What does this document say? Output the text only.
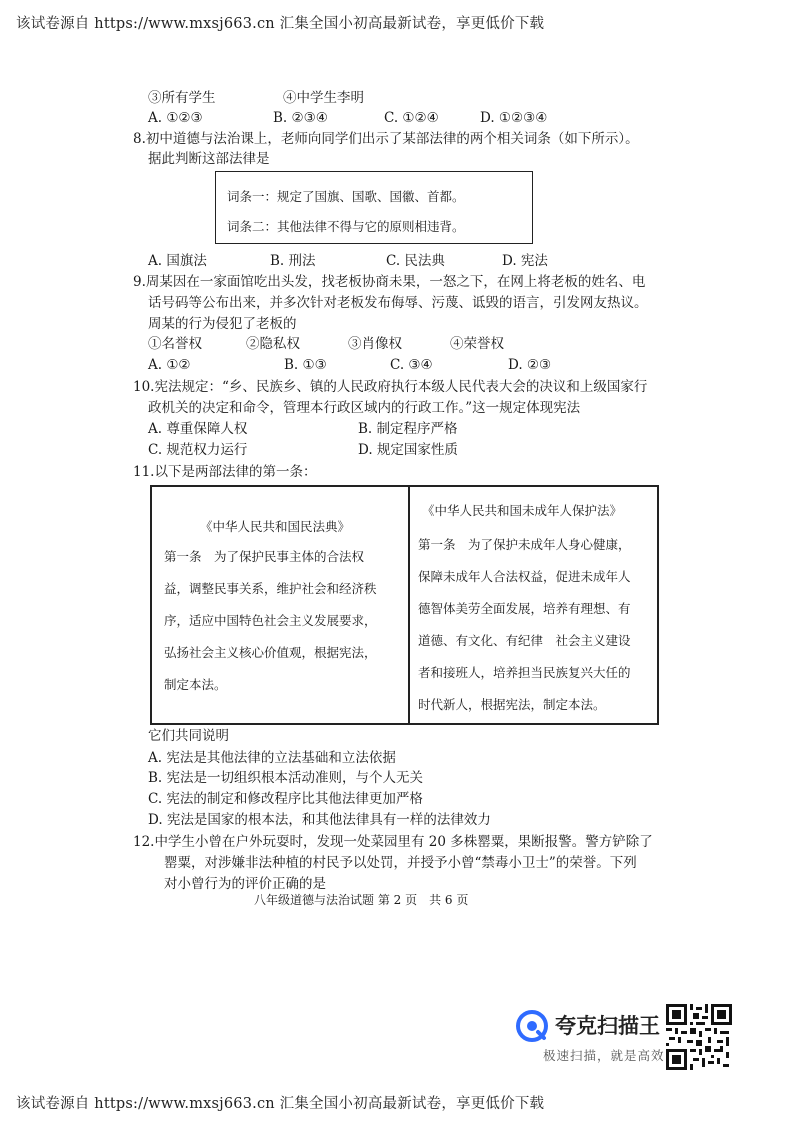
该试卷源自 https://www.mxsj663.cn 汇集全国小初高最新试卷，享更低价下载
③所有学生	④中学生李明
A. ①②③	B. ②③④	C. ①②④	D. ①②③④
8.初中道德与法治课上，老师向同学们出示了某部法律的两个相关词条（如下所示）。
据此判断这部法律是
词条一：规定了国旗、国歌、国徽、首都。
词条二：其他法律不得与它的原则相违背。
A. 国旗法	B. 刑法	C. 民法典	D. 宪法
9.周某因在一家面馆吃出头发，找老板协商未果，一怒之下，在网上将老板的姓名、电
话号码等公布出来，并多次针对老板发布侮辱、污蔑、诋毁的语言，引发网友热议。
周某的行为侵犯了老板的
①名誉权	②隐私权	③肖像权	④荣誉权
A. ①②	B. ①③	C. ③④	D. ②③
10.宪法规定：“乡、民族乡、镇的人民政府执行本级人民代表大会的决议和上级国家行
政机关的决定和命令，管理本行政区域内的行政工作。”这一规定体现宪法
A. 尊重保障人权	B. 制定程序严格
C. 规范权力运行	D. 规定国家性质
11.以下是两部法律的第一条：
《中华人民共和国民法典》
第一条　为了保护民事主体的合法权
益，调整民事关系，维护社会和经济秩
序，适应中国特色社会主义发展要求，
弘扬社会主义核心价值观，根据宪法，
制定本法。
《中华人民共和国未成年人保护法》
第一条　为了保护未成年人身心健康，
保障未成年人合法权益，促进未成年人
德智体美劳全面发展，培养有理想、有
道德、有文化、有纪律　社会主义建设
者和接班人，培养担当民族复兴大任的
时代新人，根据宪法，制定本法。
它们共同说明
A. 宪法是其他法律的立法基础和立法依据
B. 宪法是一切组织根本活动准则，与个人无关
C. 宪法的制定和修改程序比其他法律更加严格
D. 宪法是国家的根本法，和其他法律具有一样的法律效力
12.中学生小曾在户外玩耍时，发现一处菜园里有 20 多株罂粟，果断报警。警方铲除了
罂粟，对涉嫌非法种植的村民予以处罚，并授予小曾“禁毒小卫士”的荣誉。下列
对小曾行为的评价正确的是
八年级道德与法治试题 第 2 页　共 6 页
夸克扫描王
极速扫描，就是高效
该试卷源自 https://www.mxsj663.cn 汇集全国小初高最新试卷，享更低价下载
